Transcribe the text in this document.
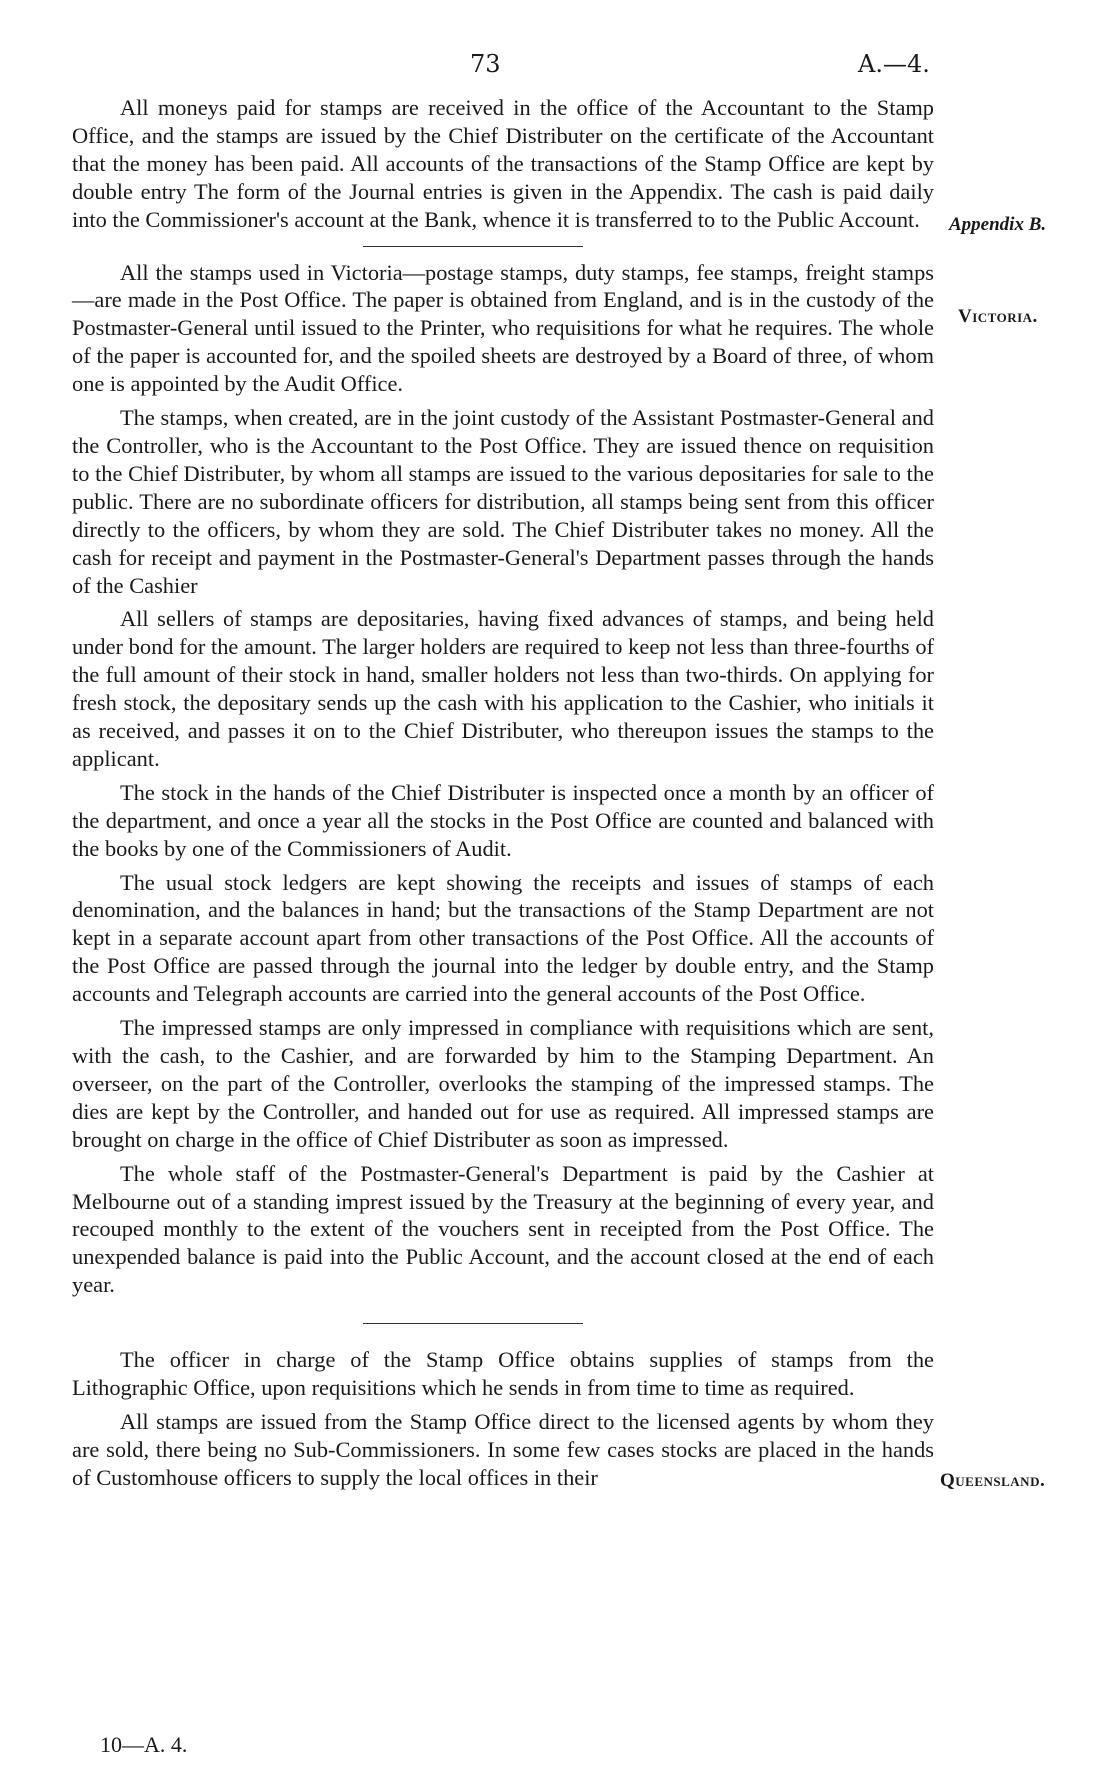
73	A.—4.
Appendix B.
Victoria.
Queensland.

All moneys paid for stamps are received in the office of the Accountant to the Stamp Office, and the stamps are issued by the Chief Distributer on the certificate of the Accountant that the money has been paid. All accounts of the transactions of the Stamp Office are kept by double entry The form of the Journal entries is given in the Appendix. The cash is paid daily into the Commissioner's account at the Bank, whence it is transferred to to the Public Account.

All the stamps used in Victoria—postage stamps, duty stamps, fee stamps, freight stamps—are made in the Post Office. The paper is obtained from England, and is in the custody of the Postmaster-General until issued to the Printer, who requisitions for what he requires. The whole of the paper is accounted for, and the spoiled sheets are destroyed by a Board of three, of whom one is appointed by the Audit Office.

The stamps, when created, are in the joint custody of the Assistant Postmaster-General and the Controller, who is the Accountant to the Post Office. They are issued thence on requisition to the Chief Distributer, by whom all stamps are issued to the various depositaries for sale to the public. There are no subordinate officers for distribution, all stamps being sent from this officer directly to the officers, by whom they are sold. The Chief Distributer takes no money. All the cash for receipt and payment in the Postmaster-General's Department passes through the hands of the Cashier

All sellers of stamps are depositaries, having fixed advances of stamps, and being held under bond for the amount. The larger holders are required to keep not less than three-fourths of the full amount of their stock in hand, smaller holders not less than two-thirds. On applying for fresh stock, the depositary sends up the cash with his application to the Cashier, who initials it as received, and passes it on to the Chief Distributer, who thereupon issues the stamps to the applicant.

The stock in the hands of the Chief Distributer is inspected once a month by an officer of the department, and once a year all the stocks in the Post Office are counted and balanced with the books by one of the Commissioners of Audit.

The usual stock ledgers are kept showing the receipts and issues of stamps of each denomination, and the balances in hand; but the transactions of the Stamp Department are not kept in a separate account apart from other transactions of the Post Office. All the accounts of the Post Office are passed through the journal into the ledger by double entry, and the Stamp accounts and Telegraph accounts are carried into the general accounts of the Post Office.

The impressed stamps are only impressed in compliance with requisitions which are sent, with the cash, to the Cashier, and are forwarded by him to the Stamping Department. An overseer, on the part of the Controller, overlooks the stamping of the impressed stamps. The dies are kept by the Controller, and handed out for use as required. All impressed stamps are brought on charge in the office of Chief Distributer as soon as impressed.

The whole staff of the Postmaster-General's Department is paid by the Cashier at Melbourne out of a standing imprest issued by the Treasury at the beginning of every year, and recouped monthly to the extent of the vouchers sent in receipted from the Post Office. The unexpended balance is paid into the Public Account, and the account closed at the end of each year.

The officer in charge of the Stamp Office obtains supplies of stamps from the Lithographic Office, upon requisitions which he sends in from time to time as required.

All stamps are issued from the Stamp Office direct to the licensed agents by whom they are sold, there being no Sub-Commissioners. In some few cases stocks are placed in the hands of Customhouse officers to supply the local offices in their

10—A. 4.
